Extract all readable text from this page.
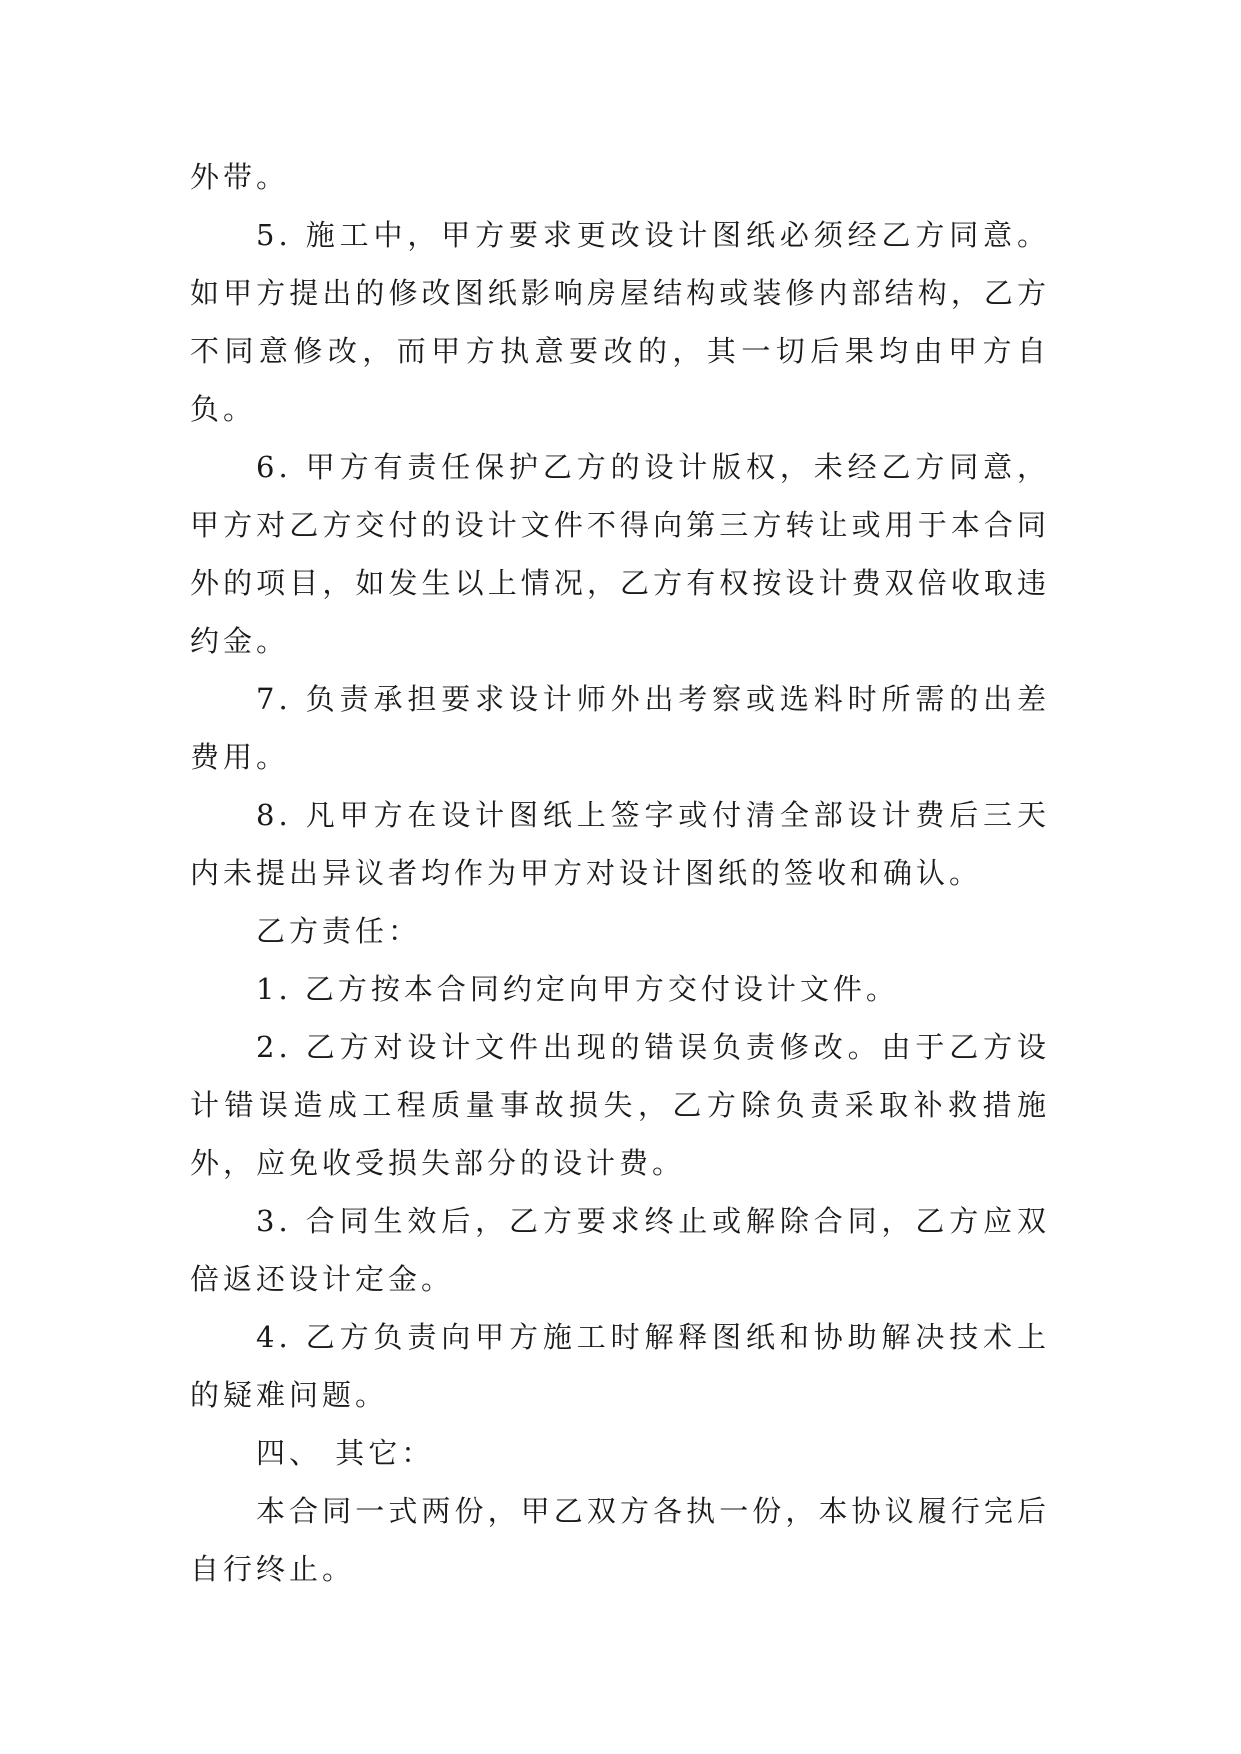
外带。

5. 施工中，甲方要求更改设计图纸必须经乙方同意。如甲方提出的修改图纸影响房屋结构或装修内部结构，乙方不同意修改，而甲方执意要改的，其一切后果均由甲方自负。

6. 甲方有责任保护乙方的设计版权，未经乙方同意，甲方对乙方交付的设计文件不得向第三方转让或用于本合同外的项目，如发生以上情况，乙方有权按设计费双倍收取违约金。

7. 负责承担要求设计师外出考察或选料时所需的出差费用。

8. 凡甲方在设计图纸上签字或付清全部设计费后三天内未提出异议者均作为甲方对设计图纸的签收和确认。

乙方责任：

1. 乙方按本合同约定向甲方交付设计文件。

2. 乙方对设计文件出现的错误负责修改。由于乙方设计错误造成工程质量事故损失，乙方除负责采取补救措施外，应免收受损失部分的设计费。

3. 合同生效后，乙方要求终止或解除合同，乙方应双倍返还设计定金。

4. 乙方负责向甲方施工时解释图纸和协助解决技术上的疑难问题。

四、 其它：

本合同一式两份，甲乙双方各执一份，本协议履行完后自行终止。
